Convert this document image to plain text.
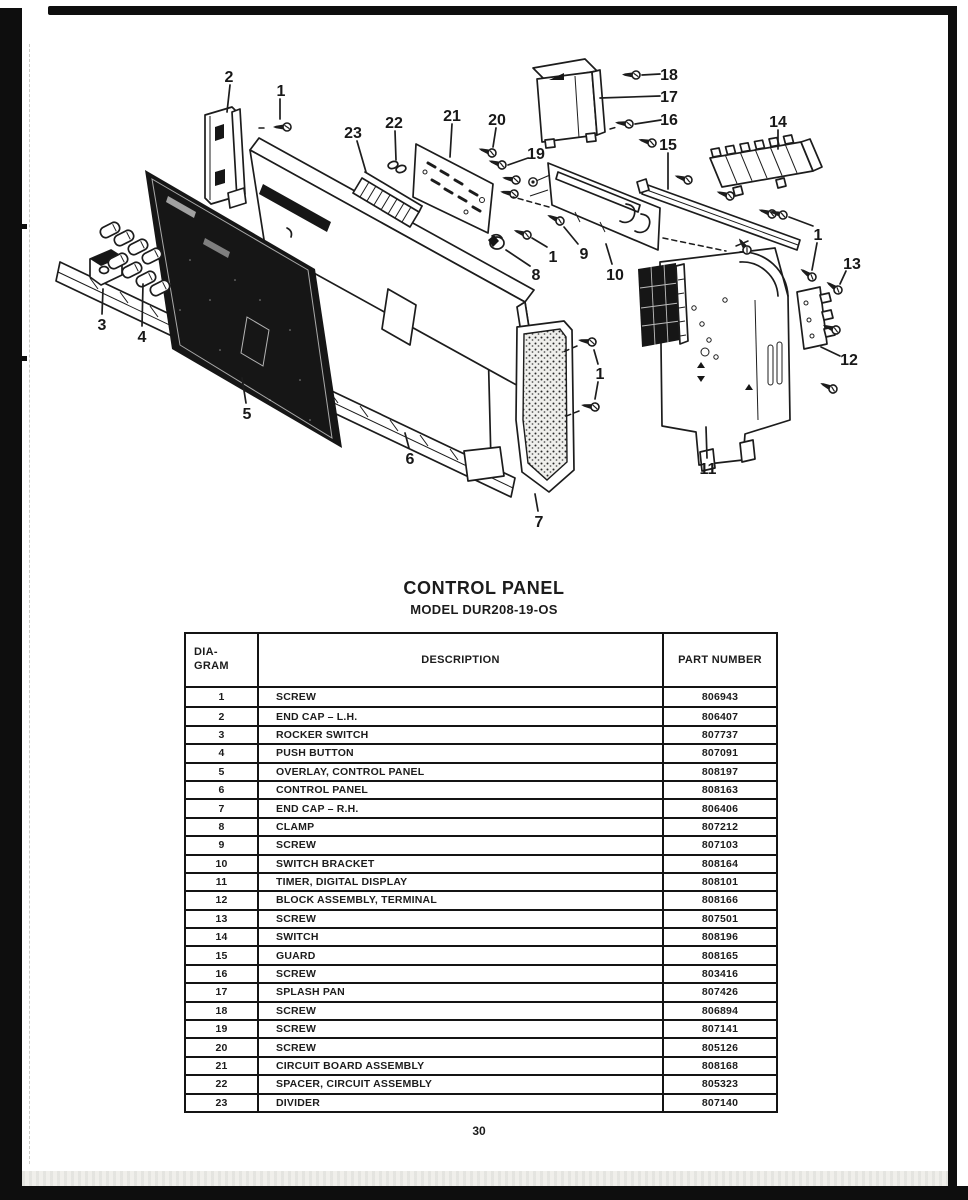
2
1
3
4
5
6
7
8
9
1
10
11
12
13
1
14
15
16
17
18
19
20
21
22
23
1
CONTROL PANEL
MODEL DUR208-19-OS
DIA-
GRAM	DESCRIPTION	PART NUMBER
1	SCREW	806943
2	END CAP – L.H.	806407
3	ROCKER SWITCH	807737
4	PUSH BUTTON	807091
5	OVERLAY, CONTROL PANEL	808197
6	CONTROL PANEL	808163
7	END CAP – R.H.	806406
8	CLAMP	807212
9	SCREW	807103
10	SWITCH BRACKET	808164
11	TIMER, DIGITAL DISPLAY	808101
12	BLOCK ASSEMBLY, TERMINAL	808166
13	SCREW	807501
14	SWITCH	808196
15	GUARD	808165
16	SCREW	803416
17	SPLASH PAN	807426
18	SCREW	806894
19	SCREW	807141
20	SCREW	805126
21	CIRCUIT BOARD ASSEMBLY	808168
22	SPACER, CIRCUIT ASSEMBLY	805323
23	DIVIDER	807140
30
